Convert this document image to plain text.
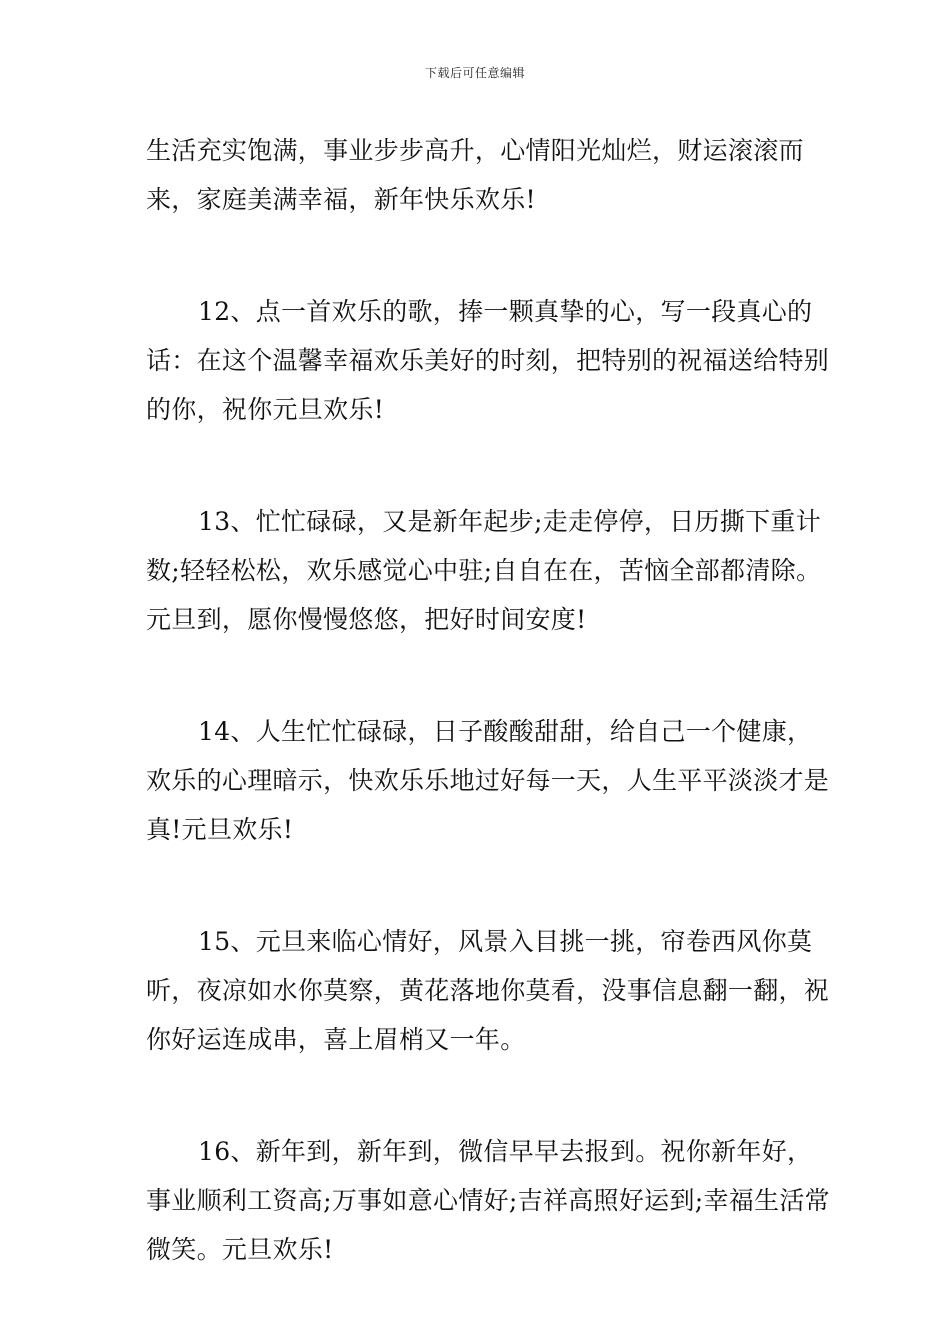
下载后可任意编辑

生活充实饱满，事业步步高升，心情阳光灿烂，财运滚滚而来，家庭美满幸福，新年快乐欢乐!

12、点一首欢乐的歌，捧一颗真挚的心，写一段真心的话：在这个温馨幸福欢乐美好的时刻，把特别的祝福送给特别的你，祝你元旦欢乐!

13、忙忙碌碌，又是新年起步;走走停停，日历撕下重计数;轻轻松松，欢乐感觉心中驻;自自在在，苦恼全部都清除。元旦到，愿你慢慢悠悠，把好时间安度!

14、人生忙忙碌碌，日子酸酸甜甜，给自己一个健康，欢乐的心理暗示，快欢乐乐地过好每一天，人生平平淡淡才是真!元旦欢乐!

15、元旦来临心情好，风景入目挑一挑，帘卷西风你莫听，夜凉如水你莫察，黄花落地你莫看，没事信息翻一翻，祝你好运连成串，喜上眉梢又一年。

16、新年到，新年到，微信早早去报到。祝你新年好，事业顺利工资高;万事如意心情好;吉祥高照好运到;幸福生活常微笑。元旦欢乐!
